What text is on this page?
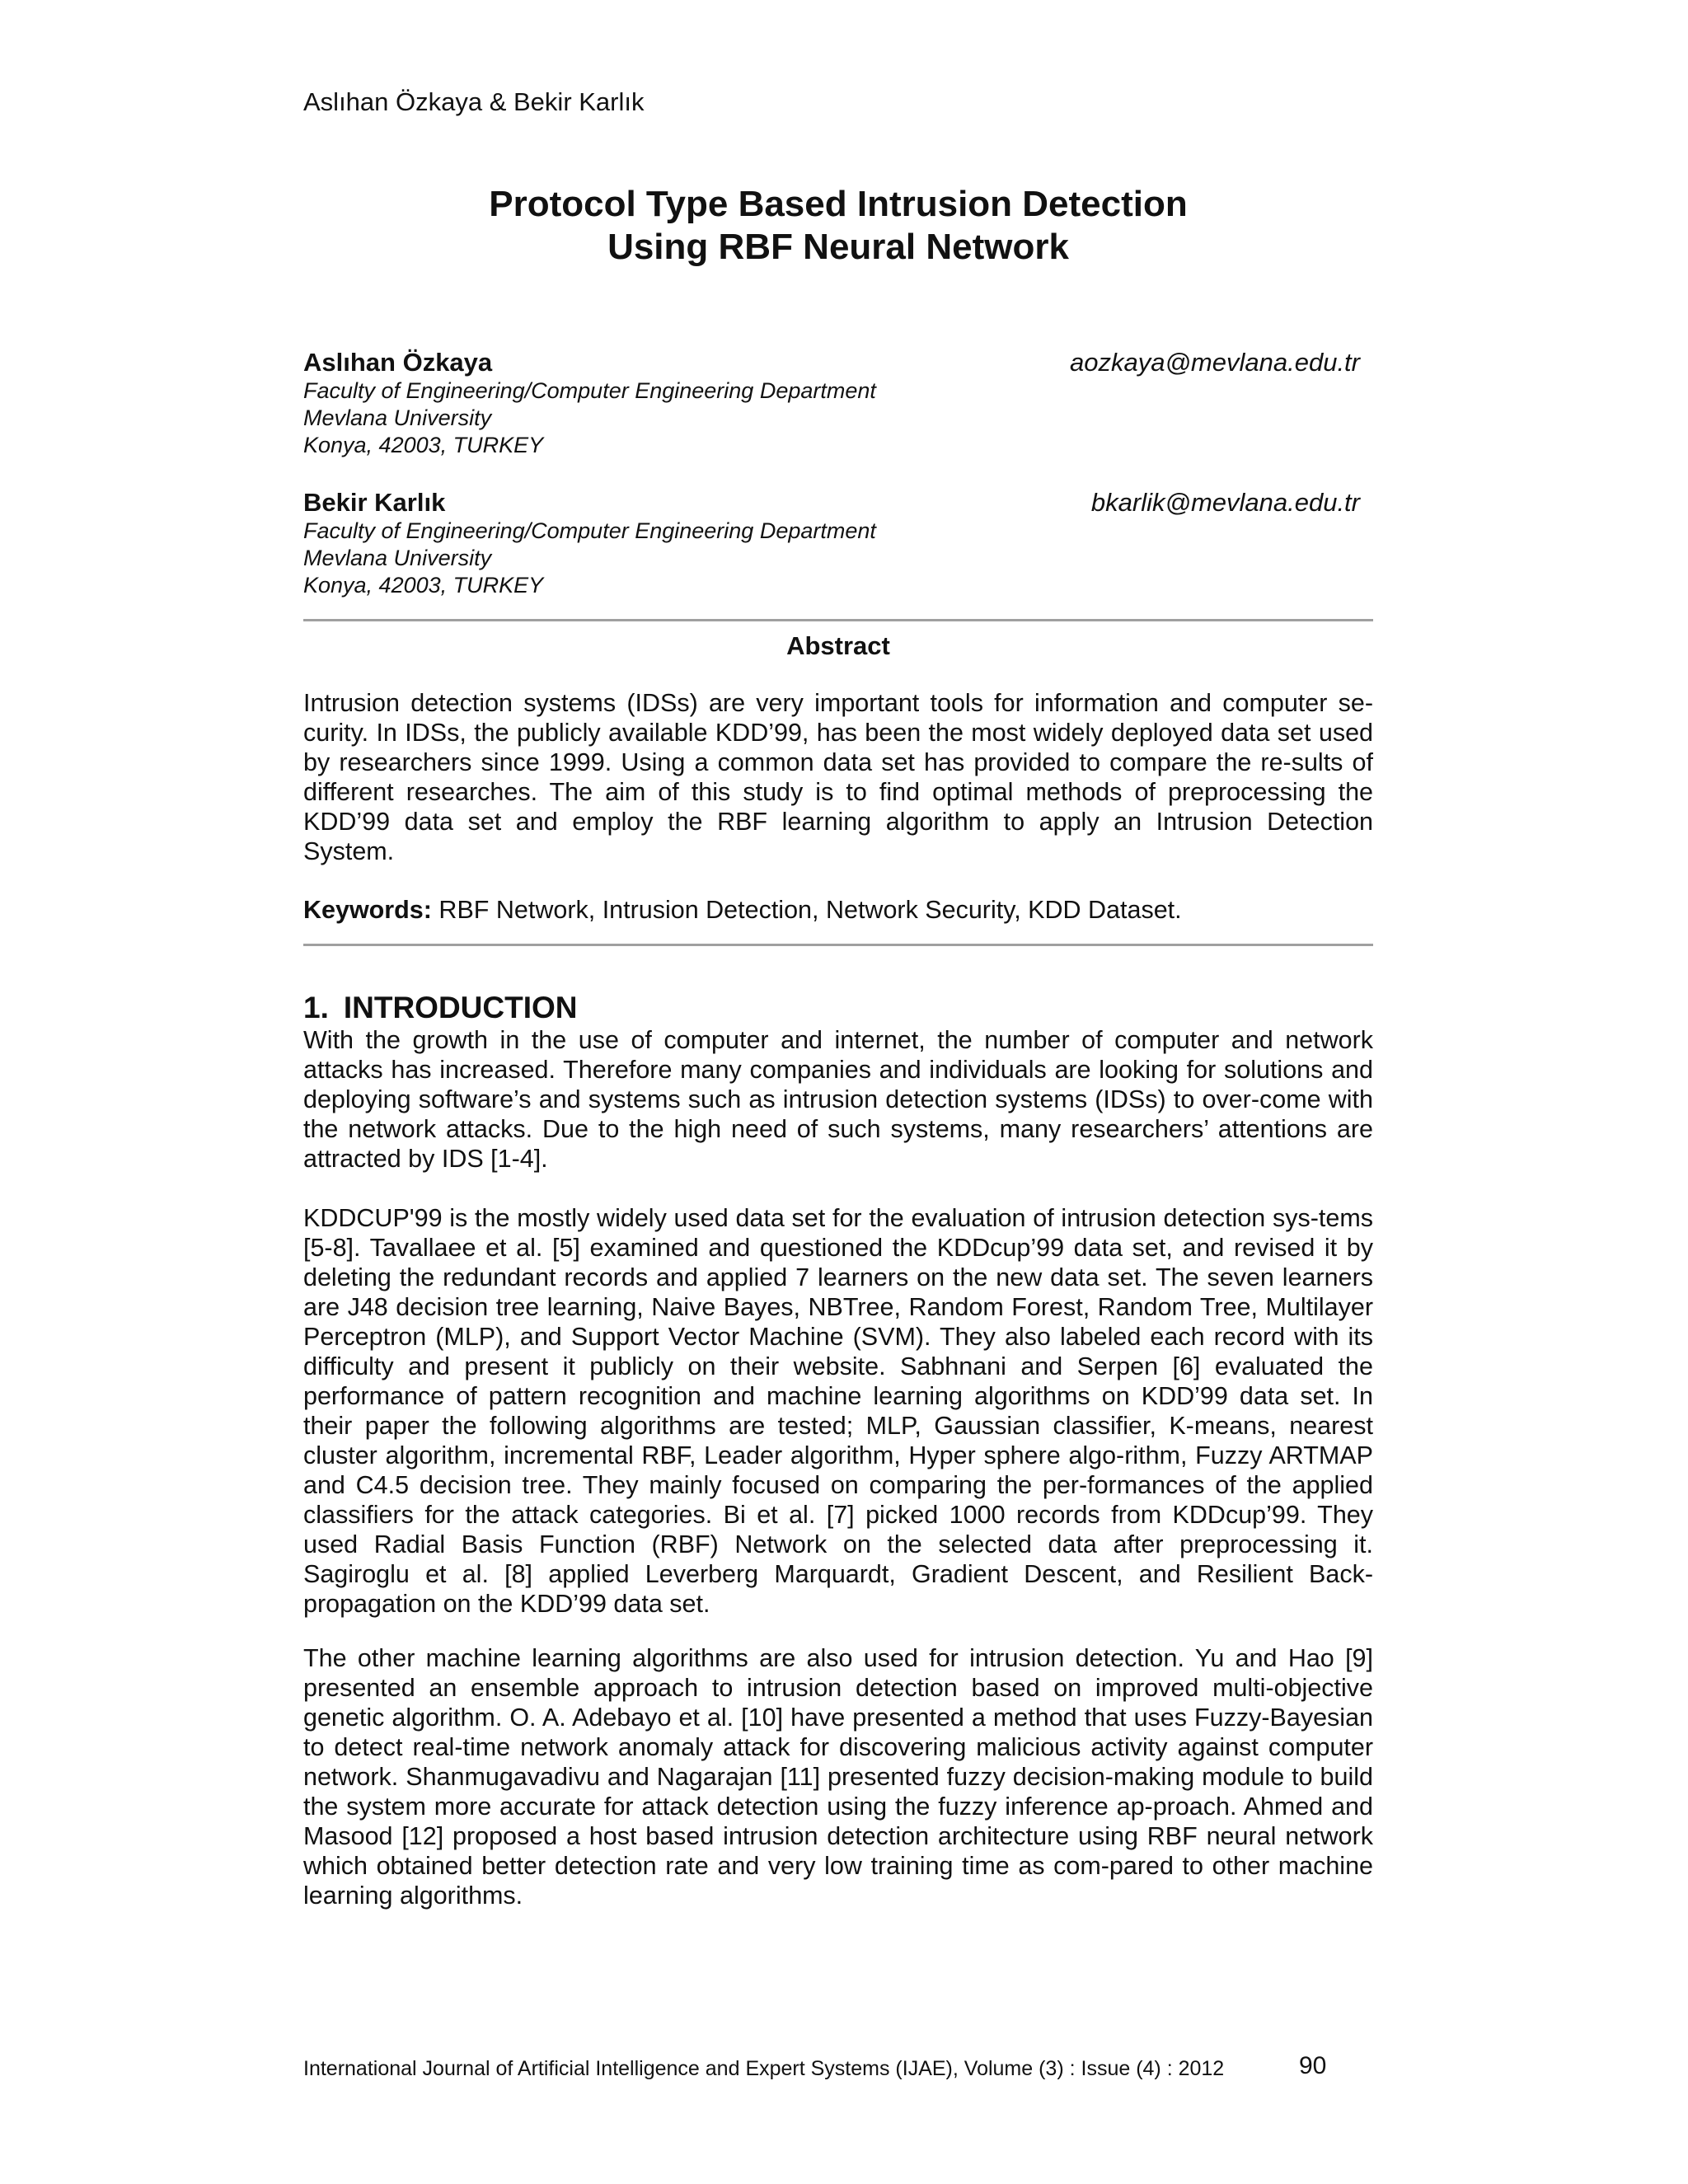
Aslıhan Özkaya & Bekir Karlık
Protocol Type Based Intrusion Detection
Using RBF Neural Network
Aslıhan Özkaya	aozkaya@mevlana.edu.tr
Faculty of Engineering/Computer Engineering Department
Mevlana University
Konya, 42003, TURKEY
Bekir Karlık	bkarlik@mevlana.edu.tr
Faculty of Engineering/Computer Engineering Department
Mevlana University
Konya, 42003, TURKEY
Abstract
Intrusion detection systems (IDSs) are very important tools for information and computer se-curity. In IDSs, the publicly available KDD’99, has been the most widely deployed data set used by researchers since 1999. Using a common data set has provided to compare the re-sults of different researches. The aim of this study is to find optimal methods of preprocessing the KDD’99 data set and employ the RBF learning algorithm to apply an Intrusion Detection System.
Keywords: RBF Network, Intrusion Detection, Network Security, KDD Dataset.
1. INTRODUCTION
With the growth in the use of computer and internet, the number of computer and network attacks has increased. Therefore many companies and individuals are looking for solutions and deploying software’s and systems such as intrusion detection systems (IDSs) to over-come with the network attacks. Due to the high need of such systems, many researchers’ attentions are attracted by IDS [1-4].
KDDCUP'99 is the mostly widely used data set for the evaluation of intrusion detection sys-tems [5-8]. Tavallaee et al. [5] examined and questioned the KDDcup’99 data set, and revised it by deleting the redundant records and applied 7 learners on the new data set. The seven learners are J48 decision tree learning, Naive Bayes, NBTree, Random Forest, Random Tree, Multilayer Perceptron (MLP), and Support Vector Machine (SVM). They also labeled each record with its difficulty and present it publicly on their website. Sabhnani and Serpen [6] evaluated the performance of pattern recognition and machine learning algorithms on KDD’99 data set. In their paper the following algorithms are tested; MLP, Gaussian classifier, K-means, nearest cluster algorithm, incremental RBF, Leader algorithm, Hyper sphere algo-rithm, Fuzzy ARTMAP and C4.5 decision tree. They mainly focused on comparing the per-formances of the applied classifiers for the attack categories. Bi et al. [7] picked 1000 records from KDDcup’99. They used Radial Basis Function (RBF) Network on the selected data after preprocessing it. Sagiroglu et al. [8] applied Leverberg Marquardt, Gradient Descent, and Resilient Back-propagation on the KDD’99 data set.
The other machine learning algorithms are also used for intrusion detection. Yu and Hao [9] presented an ensemble approach to intrusion detection based on improved multi-objective genetic algorithm. O. A. Adebayo et al. [10] have presented a method that uses Fuzzy-Bayesian to detect real-time network anomaly attack for discovering malicious activity against computer network. Shanmugavadivu and Nagarajan [11] presented fuzzy decision-making module to build the system more accurate for attack detection using the fuzzy inference ap-proach. Ahmed and Masood [12] proposed a host based intrusion detection architecture using RBF neural network which obtained better detection rate and very low training time as com-pared to other machine learning algorithms.
International Journal of Artificial Intelligence and Expert Systems (IJAE), Volume (3) : Issue (4) : 2012	90
